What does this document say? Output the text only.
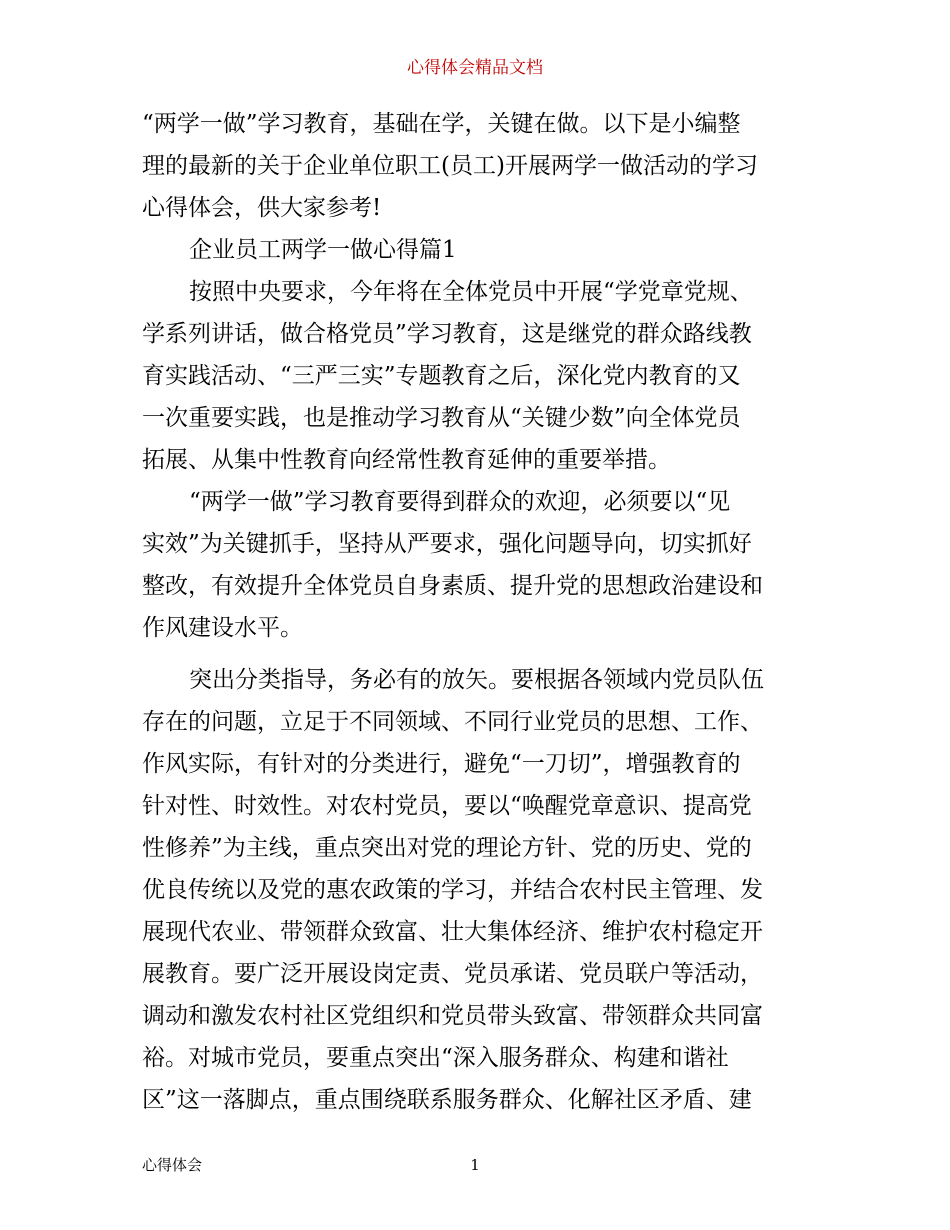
心得体会精品文档
“两学一做”学习教育，基础在学，关键在做。以下是小编整
理的最新的关于企业单位职工(员工)开展两学一做活动的学习
心得体会，供大家参考!
企业员工两学一做心得篇1
按照中央要求，今年将在全体党员中开展“学党章党规、
学系列讲话，做合格党员”学习教育，这是继党的群众路线教
育实践活动、“三严三实”专题教育之后，深化党内教育的又
一次重要实践，也是推动学习教育从“关键少数”向全体党员
拓展、从集中性教育向经常性教育延伸的重要举措。
“两学一做”学习教育要得到群众的欢迎，必须要以“见
实效”为关键抓手，坚持从严要求，强化问题导向，切实抓好
整改，有效提升全体党员自身素质、提升党的思想政治建设和
作风建设水平。
突出分类指导，务必有的放矢。要根据各领域内党员队伍
存在的问题，立足于不同领域、不同行业党员的思想、工作、
作风实际，有针对的分类进行，避免“一刀切”，增强教育的
针对性、时效性。对农村党员，要以“唤醒党章意识、提高党
性修养”为主线，重点突出对党的理论方针、党的历史、党的
优良传统以及党的惠农政策的学习，并结合农村民主管理、发
展现代农业、带领群众致富、壮大集体经济、维护农村稳定开
展教育。要广泛开展设岗定责、党员承诺、党员联户等活动，
调动和激发农村社区党组织和党员带头致富、带领群众共同富
裕。对城市党员，要重点突出“深入服务群众、构建和谐社
区”这一落脚点，重点围绕联系服务群众、化解社区矛盾、建
心得体会	1
